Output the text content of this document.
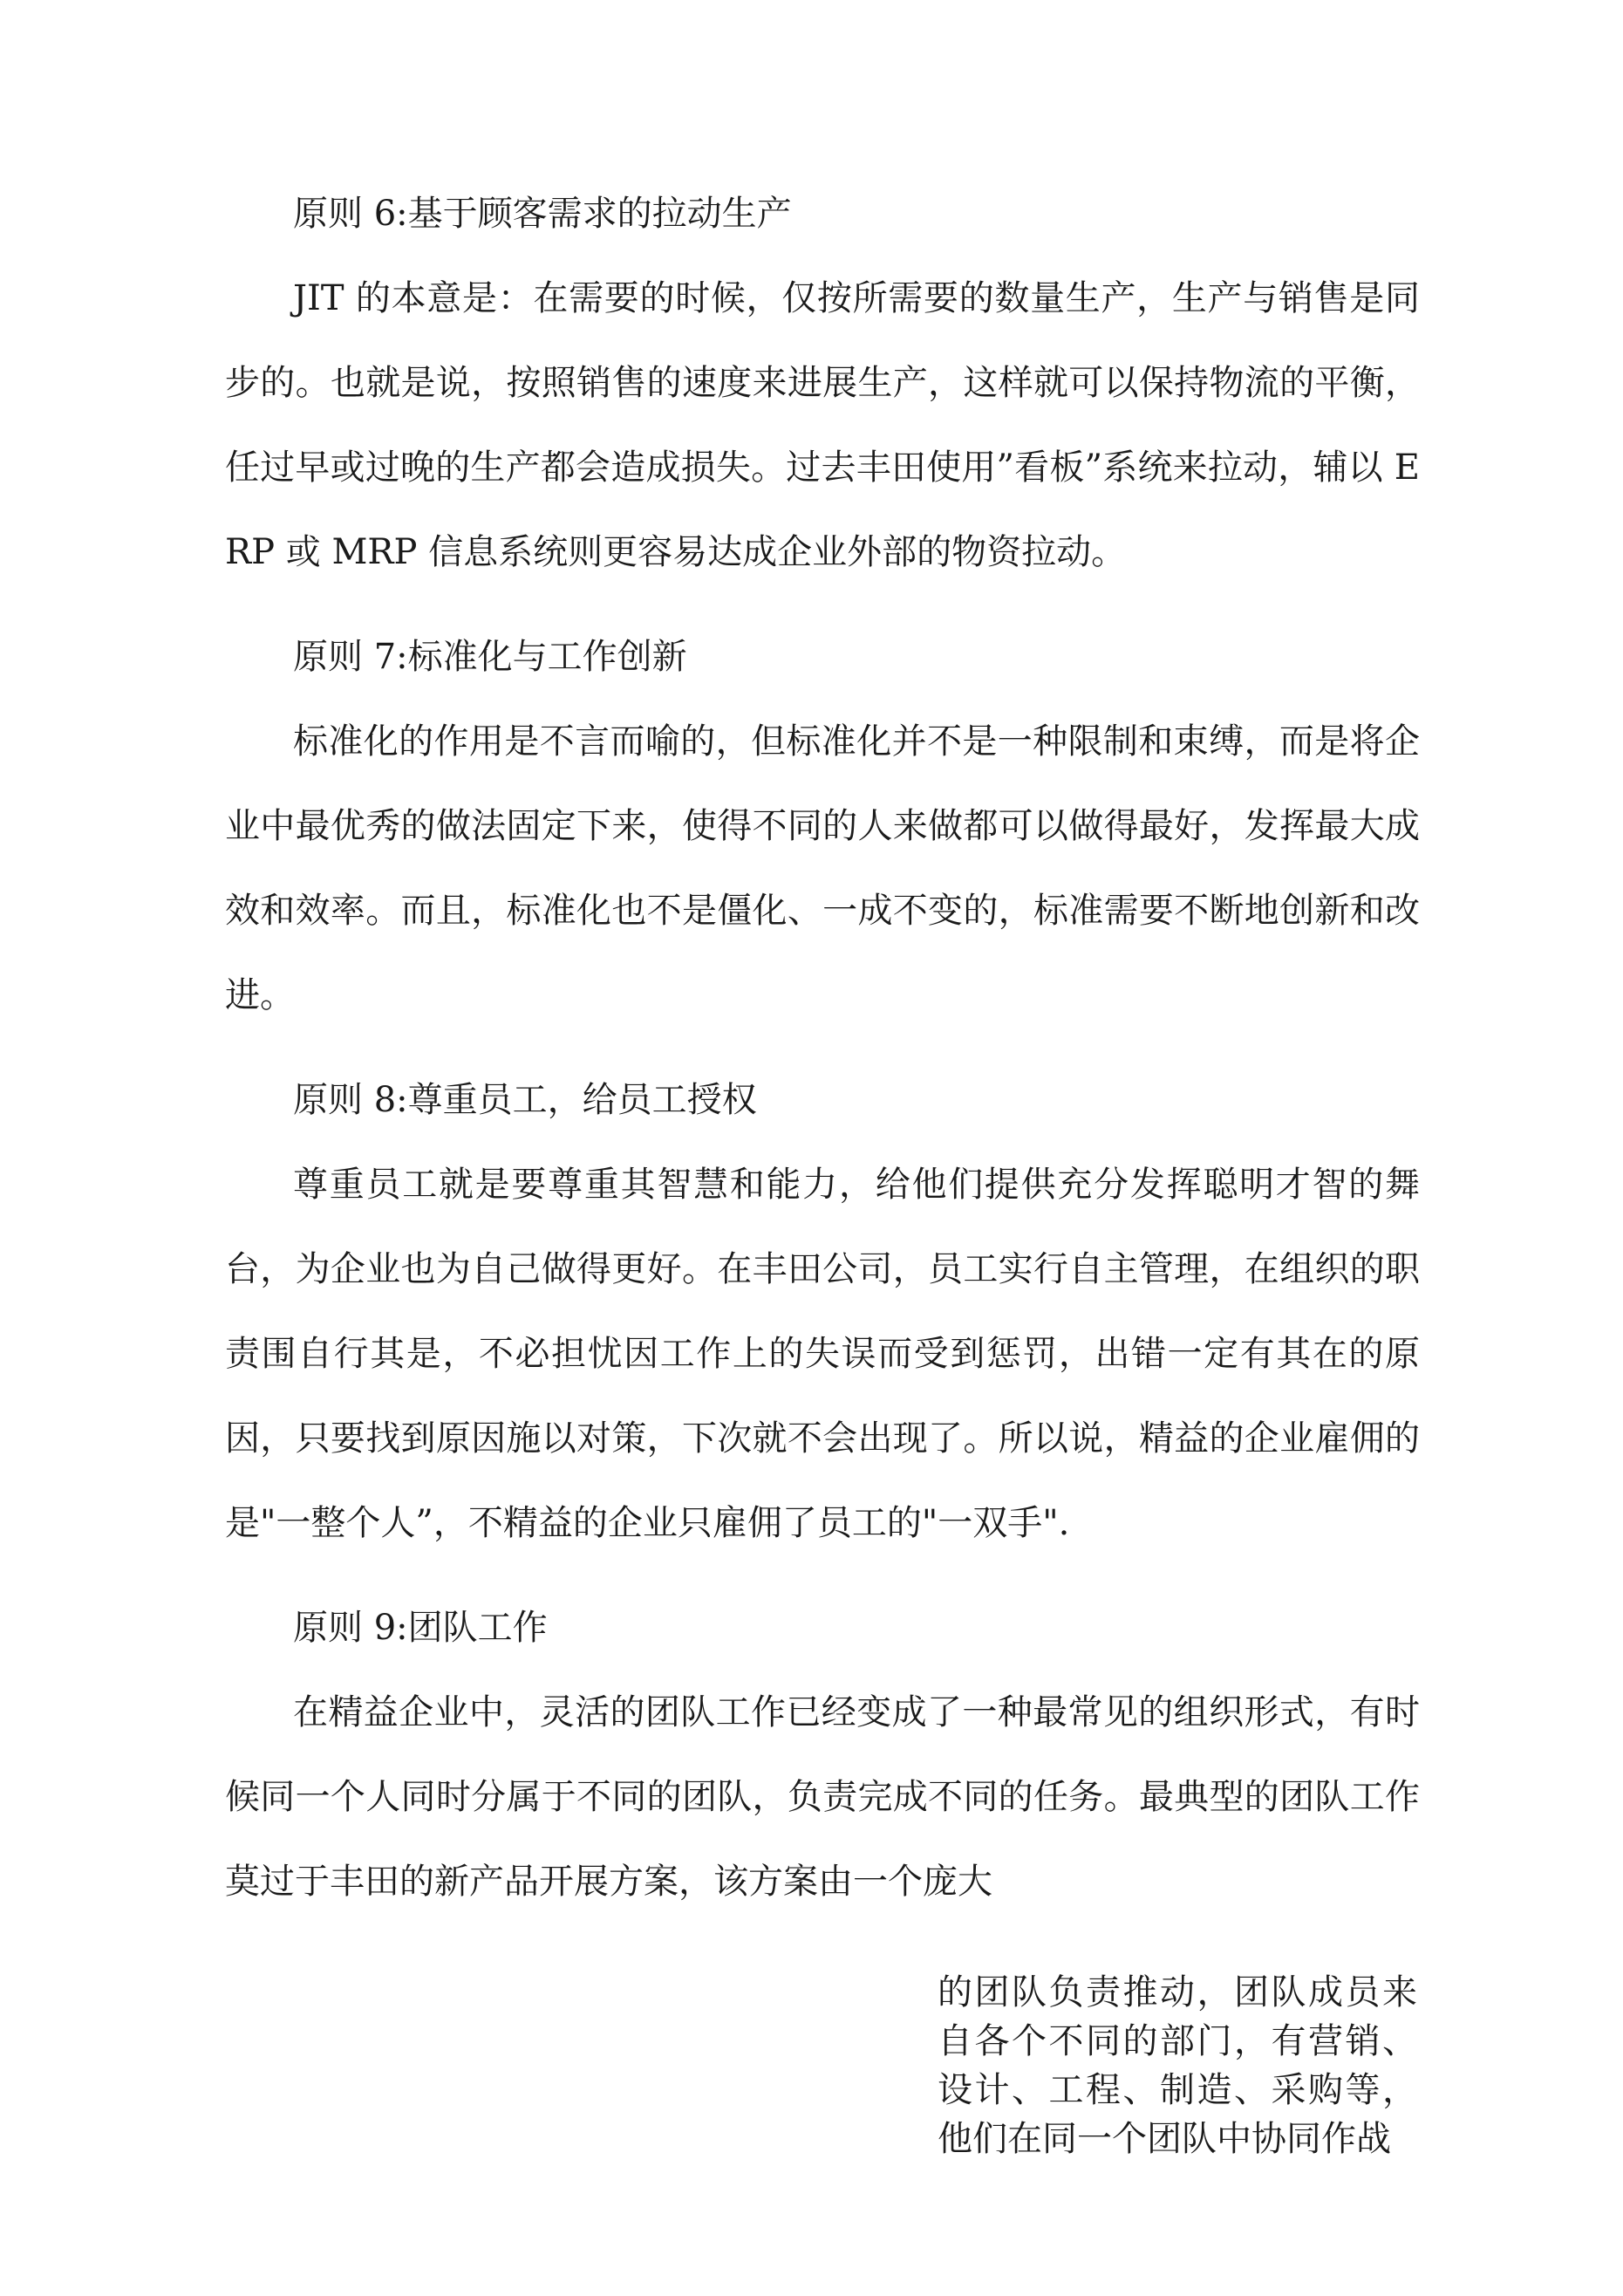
原则 6:基于顾客需求的拉动生产

JIT 的本意是：在需要的时候，仅按所需要的数量生产，生产与销售是同步的。也就是说，按照销售的速度来进展生产，这样就可以保持物流的平衡，任过早或过晚的生产都会造成损失。过去丰田使用”看板”系统来拉动，辅以 ERP 或 MRP 信息系统则更容易达成企业外部的物资拉动。

原则 7:标准化与工作创新

标准化的作用是不言而喻的，但标准化并不是一种限制和束缚，而是将企业中最优秀的做法固定下来，使得不同的人来做都可以做得最好，发挥最大成效和效率。而且，标准化也不是僵化、一成不变的，标准需要不断地创新和改进。

原则 8:尊重员工，给员工授权

尊重员工就是要尊重其智慧和能力，给他们提供充分发挥聪明才智的舞台，为企业也为自己做得更好。在丰田公司，员工实行自主管理，在组织的职责围自行其是，不必担忧因工作上的失误而受到惩罚，出错一定有其在的原因，只要找到原因施以对策，下次就不会出现了。所以说，精益的企业雇佣的是"一整个人”，不精益的企业只雇佣了员工的"一双手".

原则 9:团队工作

在精益企业中，灵活的团队工作已经变成了一种最常见的组织形式，有时候同一个人同时分属于不同的团队，负责完成不同的任务。最典型的团队工作莫过于丰田的新产品开展方案，该方案由一个庞大

的团队负责推动，团队成员来自各个不同的部门，有营销、设计、工程、制造、采购等，他们在同一个团队中协同作战
